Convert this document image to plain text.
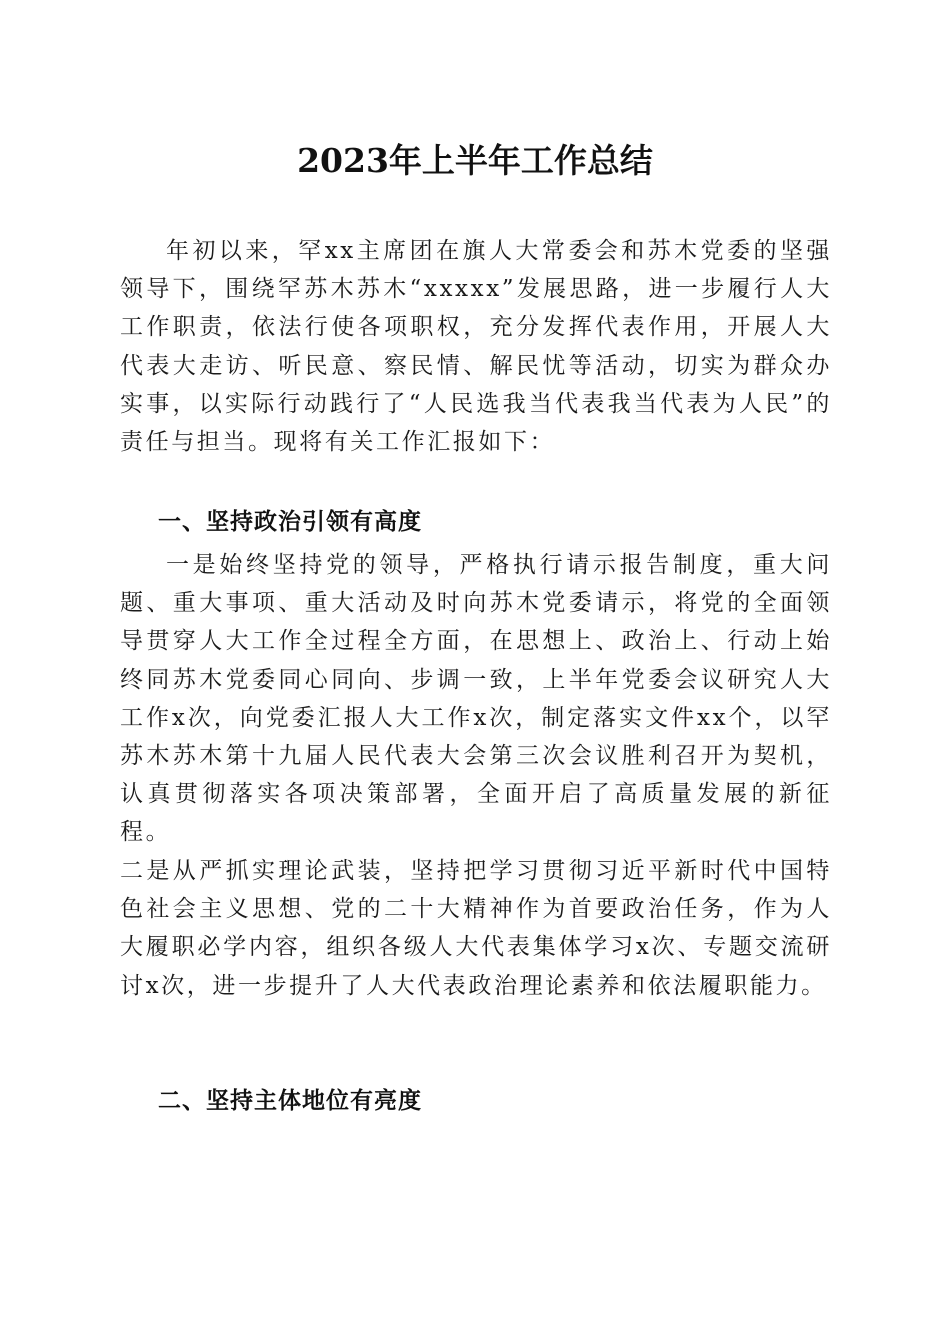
2023年上半年工作总结

年初以来，罕xx主席团在旗人大常委会和苏木党委的坚强领导下，围绕罕苏木苏木“xxxxx”发展思路，进一步履行人大工作职责，依法行使各项职权，充分发挥代表作用，开展人大代表大走访、听民意、察民情、解民忧等活动，切实为群众办实事，以实际行动践行了“人民选我当代表我当代表为人民”的责任与担当。现将有关工作汇报如下：

一、坚持政治引领有高度

一是始终坚持党的领导，严格执行请示报告制度，重大问题、重大事项、重大活动及时向苏木党委请示，将党的全面领导贯穿人大工作全过程全方面，在思想上、政治上、行动上始终同苏木党委同心同向、步调一致，上半年党委会议研究人大工作x次，向党委汇报人大工作x次，制定落实文件xx个，以罕苏木苏木第十九届人民代表大会第三次会议胜利召开为契机，认真贯彻落实各项决策部署，全面开启了高质量发展的新征程。

二是从严抓实理论武装，坚持把学习贯彻习近平新时代中国特色社会主义思想、党的二十大精神作为首要政治任务，作为人大履职必学内容，组织各级人大代表集体学习x次、专题交流研讨x次，进一步提升了人大代表政治理论素养和依法履职能力。

二、坚持主体地位有亮度
